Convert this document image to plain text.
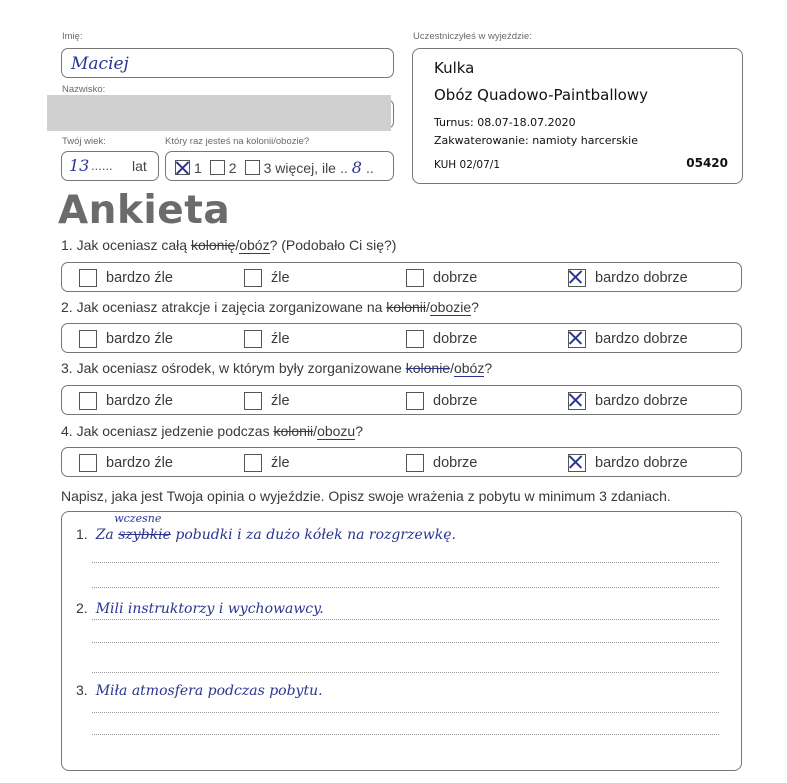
Imię:
Maciej
Nazwisko:
Twój wiek:
13 ...... lat
Który raz jesteś na kolonii/obozie?
1 2 3 więcej, ile .. 8 ..
Uczestniczyłeś w wyjeździe:
Kulka
Obóz Quadowo-Paintballowy
Turnus: 08.07-18.07.2020
Zakwaterowanie: namioty harcerskie
KUH 02/07/1	05420
Ankieta
1. Jak oceniasz całą kolonię/obóz? (Podobało Ci się?)
bardzo źle	źle	dobrze	bardzo dobrze
2. Jak oceniasz atrakcje i zajęcia zorganizowane na kolonii/obozie?
bardzo źle	źle	dobrze	bardzo dobrze
3. Jak oceniasz ośrodek, w którym były zorganizowane kolonie/obóz?
bardzo źle	źle	dobrze	bardzo dobrze
4. Jak oceniasz jedzenie podczas kolonii/obozu?
bardzo źle	źle	dobrze	bardzo dobrze
Napisz, jaka jest Twoja opinia o wyjeździe. Opisz swoje wrażenia z pobytu w minimum 3 zdaniach.
1. Za szybkie
wczesne
pobudki i za dużo kółek na rozgrzewkę.
2. Mili instruktorzy i wychowawcy.
3. Miła atmosfera podczas pobytu.
